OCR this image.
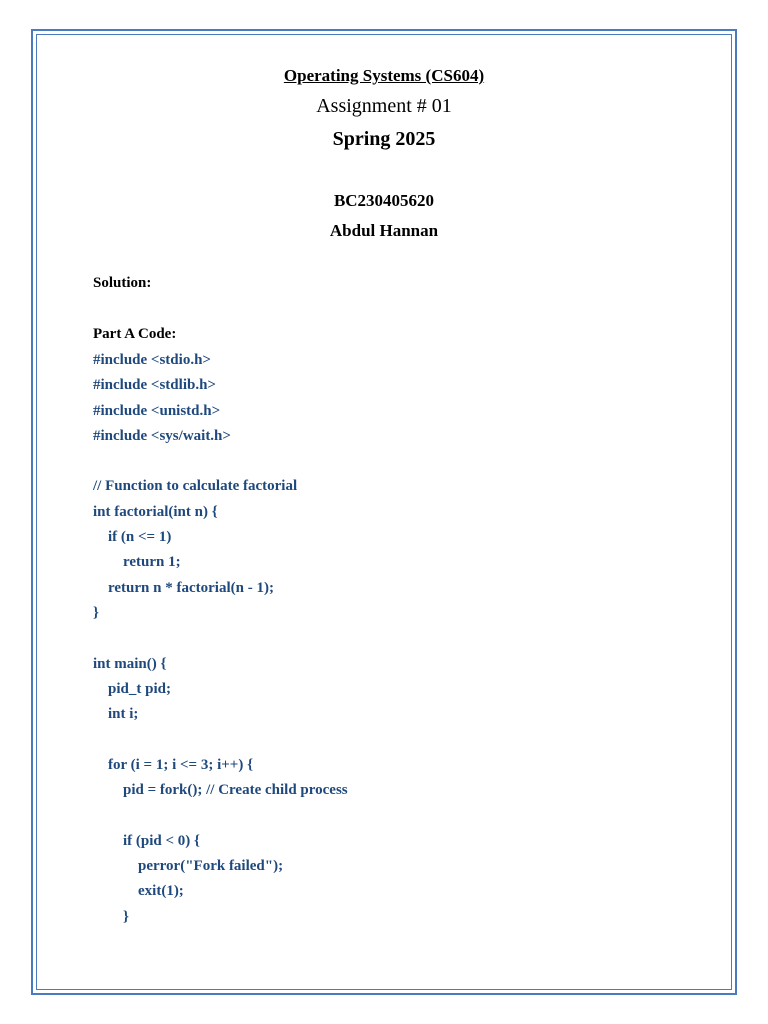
Operating Systems (CS604)
Assignment # 01
Spring 2025
BC230405620
Abdul Hannan
Solution:
Part A Code:
#include <stdio.h>
#include <stdlib.h>
#include <unistd.h>
#include <sys/wait.h>
// Function to calculate factorial
int factorial(int n) {
if (n <= 1)
return 1;
return n * factorial(n - 1);
}
int main() {
pid_t pid;
int i;
for (i = 1; i <= 3; i++) {
pid = fork(); // Create child process
if (pid < 0) {
perror("Fork failed");
exit(1);
}
